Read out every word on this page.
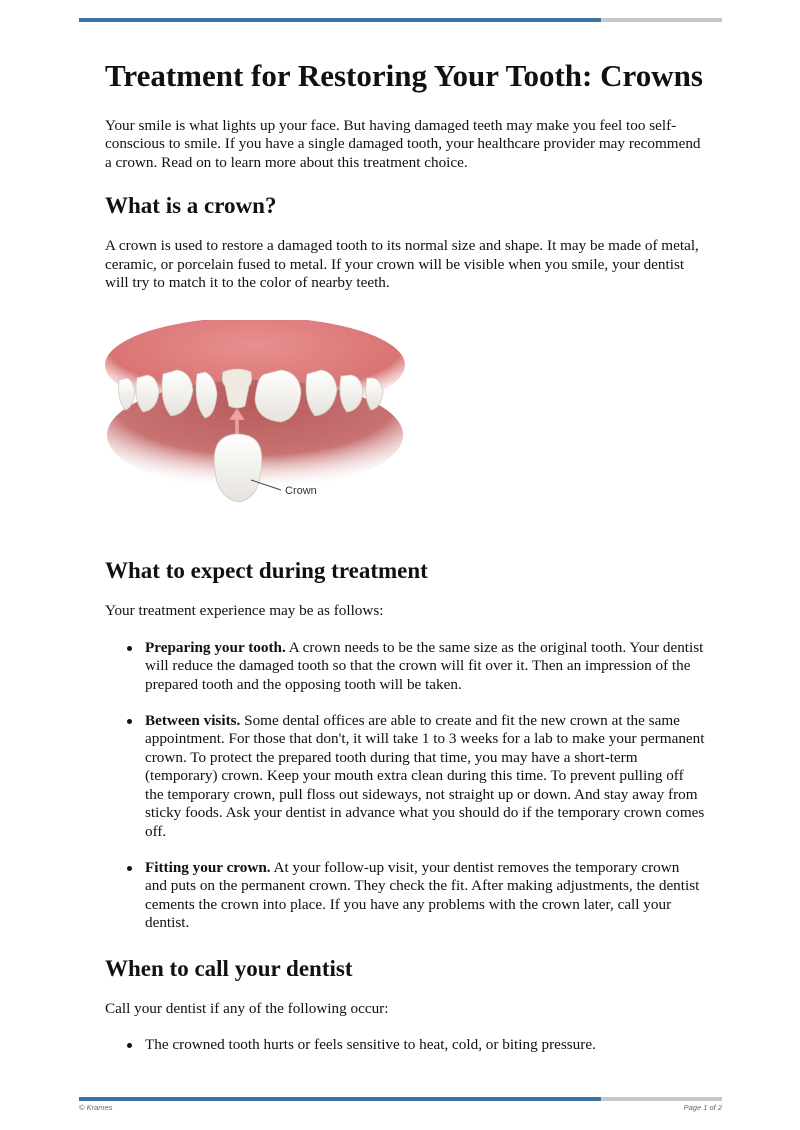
Treatment for Restoring Your Tooth: Crowns

Your smile is what lights up your face. But having damaged teeth may make you feel too self-conscious to smile. If you have a single damaged tooth, your healthcare provider may recommend a crown. Read on to learn more about this treatment choice.

What is a crown?

A crown is used to restore a damaged tooth to its normal size and shape. It may be made of metal, ceramic, or porcelain fused to metal. If your crown will be visible when you smile, your dentist will try to match it to the color of nearby teeth.

Crown
What to expect during treatment

Your treatment experience may be as follows:

Preparing your tooth. A crown needs to be the same size as the original tooth. Your dentist will reduce the damaged tooth so that the crown will fit over it. Then an impression of the prepared tooth and the opposing tooth will be taken.
Between visits. Some dental offices are able to create and fit the new crown at the same appointment. For those that don't, it will take 1 to 3 weeks for a lab to make your permanent crown. To protect the prepared tooth during that time, you may have a short-term (temporary) crown. Keep your mouth extra clean during this time. To prevent pulling off the temporary crown, pull floss out sideways, not straight up or down. And stay away from sticky foods. Ask your dentist in advance what you should do if the temporary crown comes off.
Fitting your crown. At your follow-up visit, your dentist removes the temporary crown and puts on the permanent crown. They check the fit. After making adjustments, the dentist cements the crown into place. If you have any problems with the crown later, call your dentist.
When to call your dentist

Call your dentist if any of the following occur:

The crowned tooth hurts or feels sensitive to heat, cold, or biting pressure.
© Krames	Page 1 of 2
